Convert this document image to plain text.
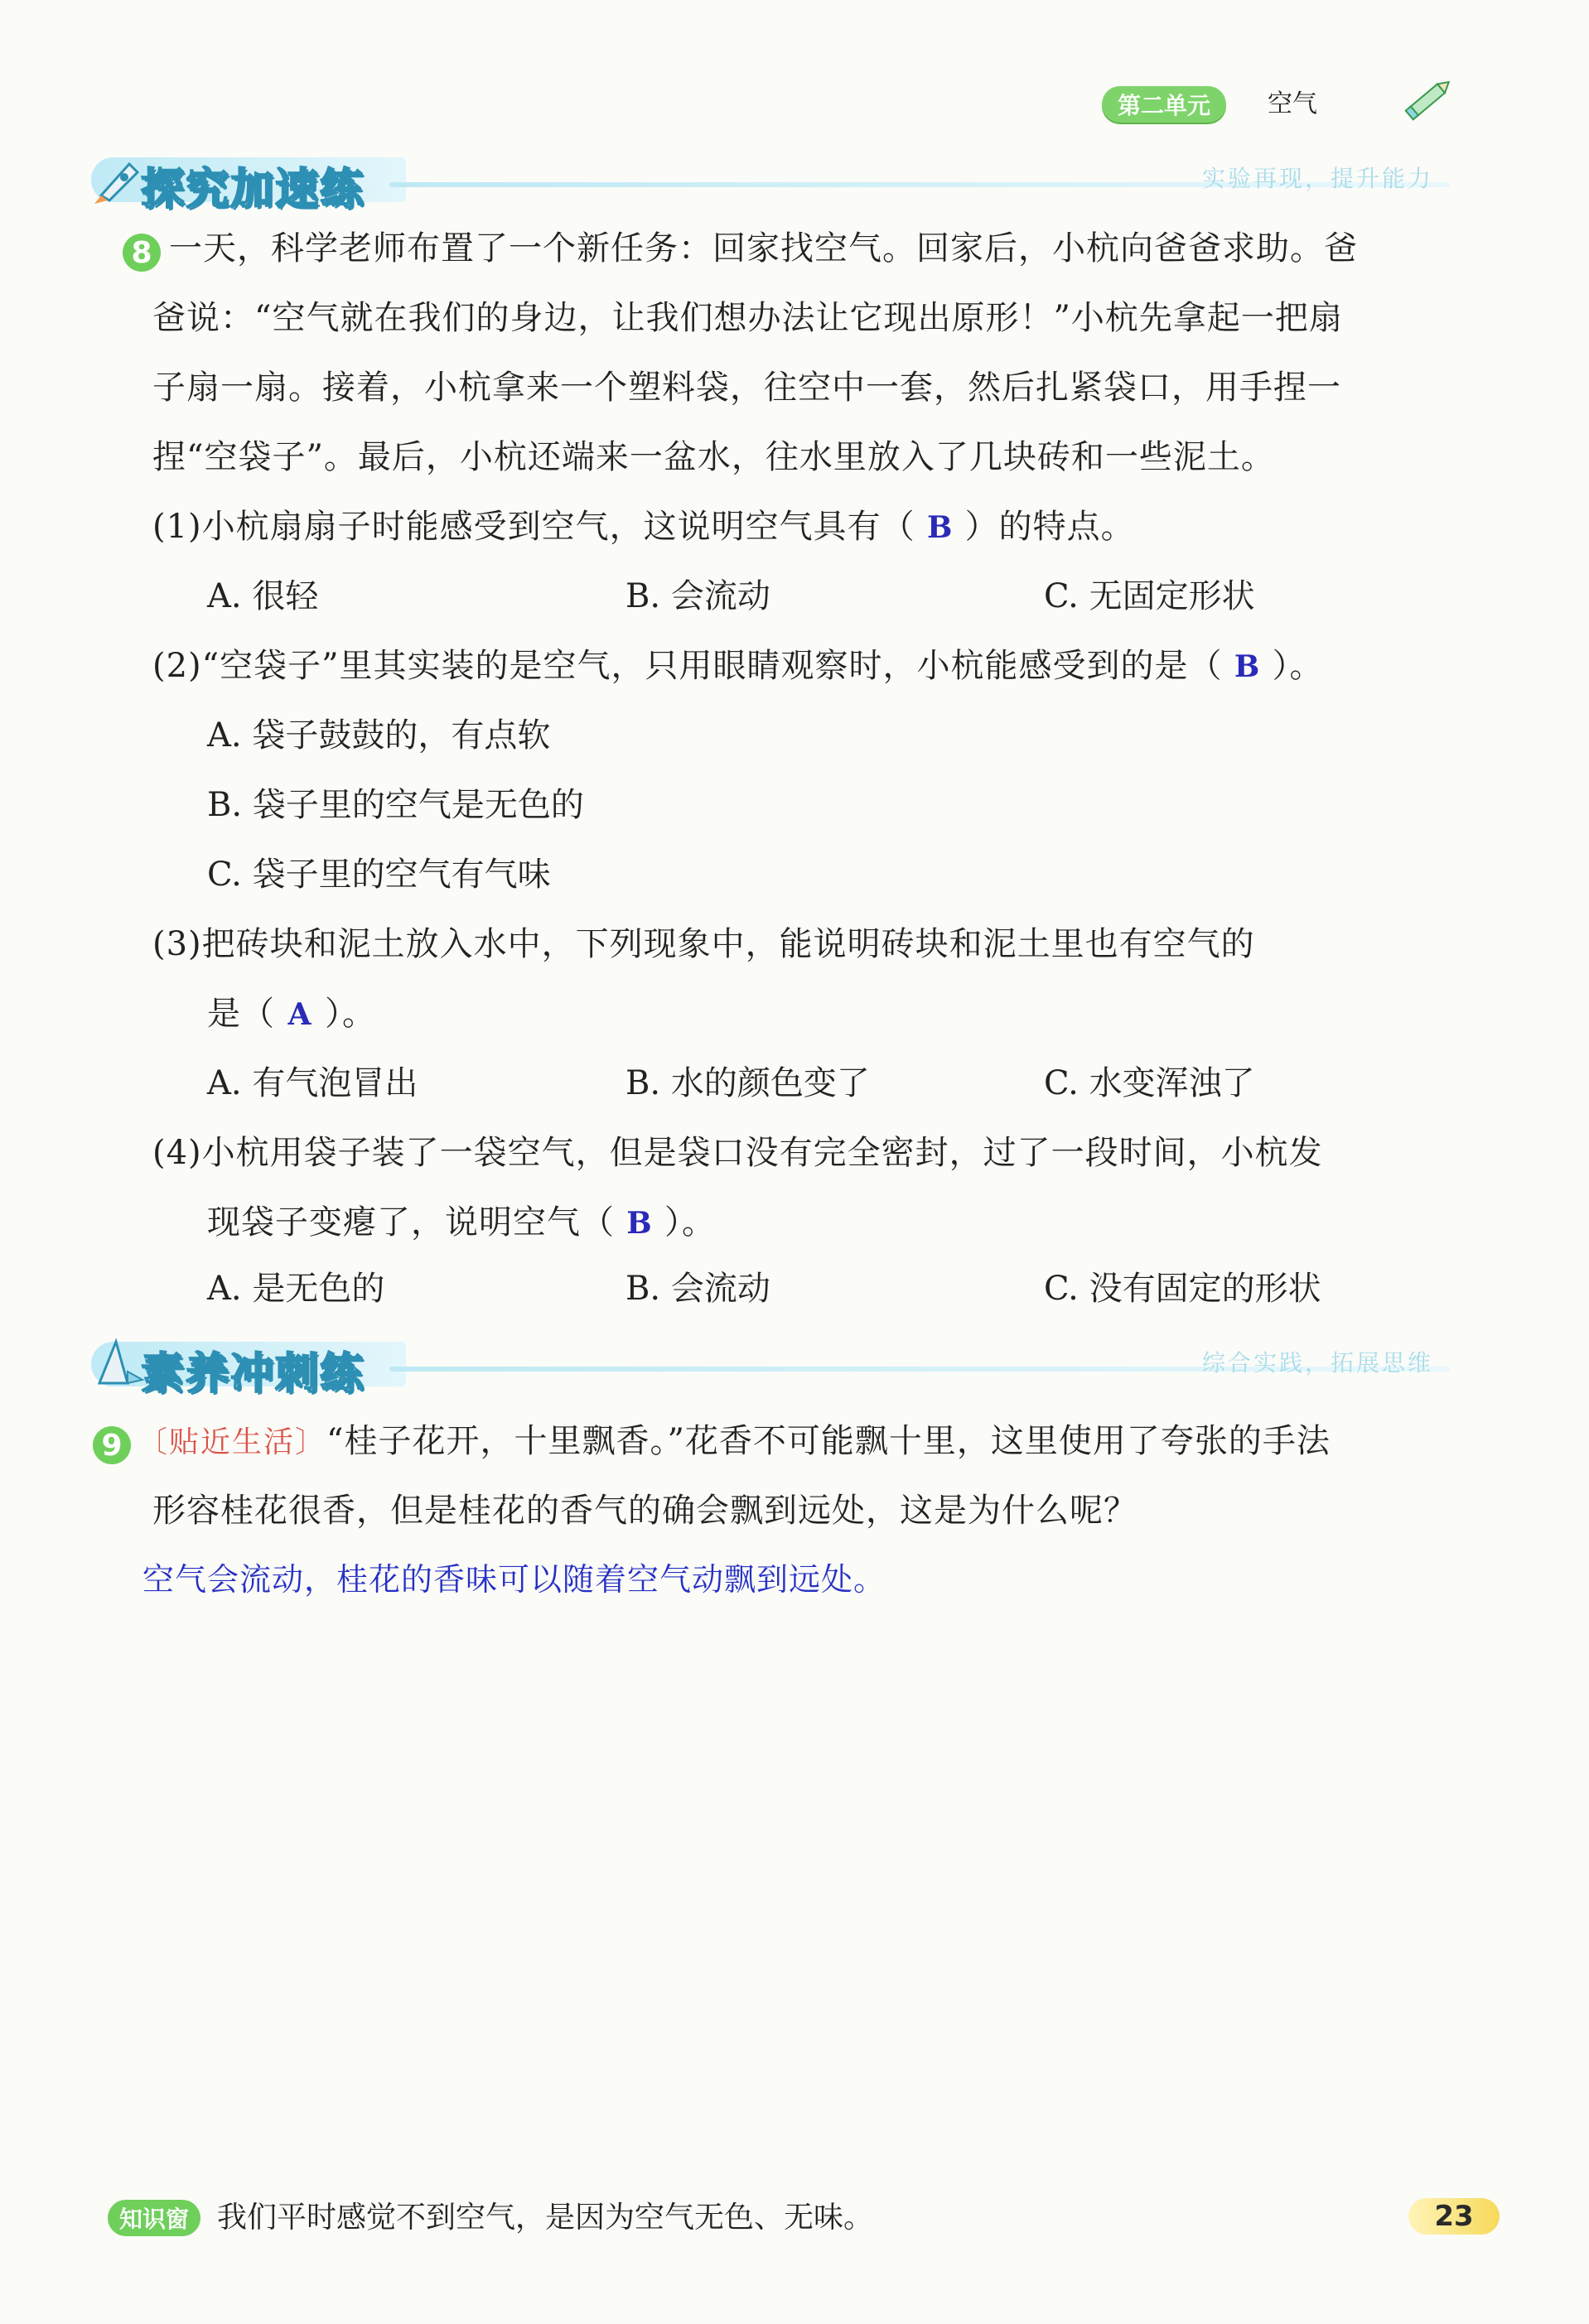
第二单元	空气
探究加速练	实验再现，提升能力
8 一天，科学老师布置了一个新任务：回家找空气。回家后，小杭向爸爸求助。爸
爸说：“空气就在我们的身边，让我们想办法让它现出原形！”小杭先拿起一把扇
子扇一扇。接着，小杭拿来一个塑料袋，往空中一套，然后扎紧袋口，用手捏一
捏“空袋子”。最后，小杭还端来一盆水，往水里放入了几块砖和一些泥土。
(1)小杭扇扇子时能感受到空气，这说明空气具有（ B ）的特点。
A. 很轻	B. 会流动	C. 无固定形状
(2)“空袋子”里其实装的是空气，只用眼睛观察时，小杭能感受到的是（ B ）。
A. 袋子鼓鼓的，有点软
B. 袋子里的空气是无色的
C. 袋子里的空气有气味
(3)把砖块和泥土放入水中，下列现象中，能说明砖块和泥土里也有空气的
是（ A ）。
A. 有气泡冒出	B. 水的颜色变了	C. 水变浑浊了
(4)小杭用袋子装了一袋空气，但是袋口没有完全密封，过了一段时间，小杭发
现袋子变瘪了，说明空气（ B ）。
A. 是无色的	B. 会流动	C. 没有固定的形状
素养冲刺练	综合实践，拓展思维
9 〔贴近生活〕“桂子花开，十里飘香。”花香不可能飘十里，这里使用了夸张的手法
形容桂花很香，但是桂花的香气的确会飘到远处，这是为什么呢？
空气会流动，桂花的香味可以随着空气动飘到远处。
知识窗 我们平时感觉不到空气，是因为空气无色、无味。	23
